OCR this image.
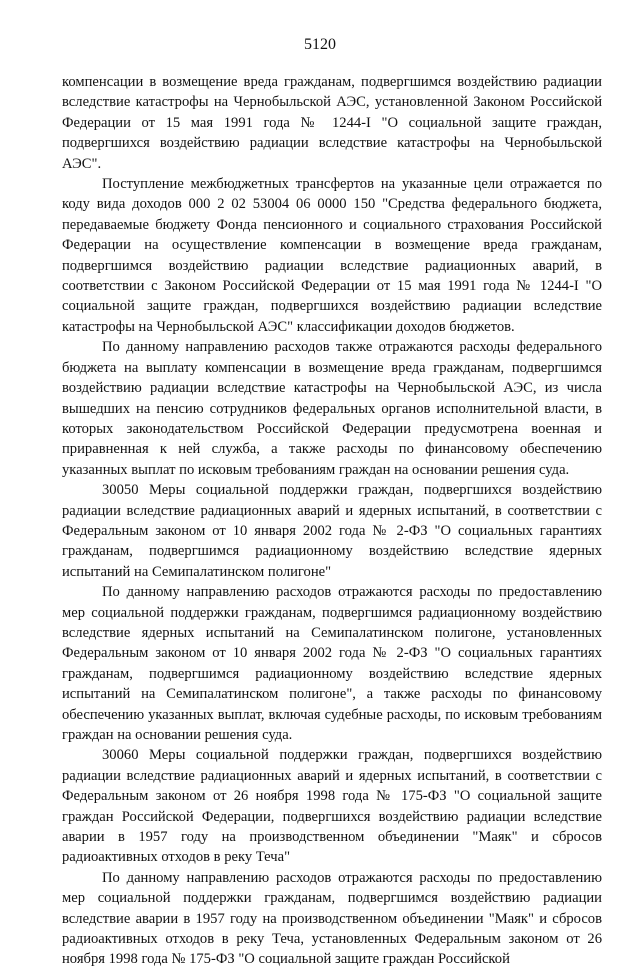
5120

компенсации в возмещение вреда гражданам, подвергшимся воздействию радиации вследствие катастрофы на Чернобыльской АЭС, установленной Законом Российской Федерации от 15 мая 1991 года № 1244-I "О социальной защите граждан, подвергшихся воздействию радиации вследствие катастрофы на Чернобыльской АЭС".

Поступление межбюджетных трансфертов на указанные цели отражается по коду вида доходов 000 2 02 53004 06 0000 150 "Средства федерального бюджета, передаваемые бюджету Фонда пенсионного и социального страхования Российской Федерации на осуществление компенсации в возмещение вреда гражданам, подвергшимся воздействию радиации вследствие радиационных аварий, в соответствии с Законом Российской Федерации от 15 мая 1991 года № 1244-I "О социальной защите граждан, подвергшихся воздействию радиации вследствие катастрофы на Чернобыльской АЭС" классификации доходов бюджетов.

По данному направлению расходов также отражаются расходы федерального бюджета на выплату компенсации в возмещение вреда гражданам, подвергшимся воздействию радиации вследствие катастрофы на Чернобыльской АЭС, из числа вышедших на пенсию сотрудников федеральных органов исполнительной власти, в которых законодательством Российской Федерации предусмотрена военная и приравненная к ней служба, а также расходы по финансовому обеспечению указанных выплат по исковым требованиям граждан на основании решения суда.

30050 Меры социальной поддержки граждан, подвергшихся воздействию радиации вследствие радиационных аварий и ядерных испытаний, в соответствии с Федеральным законом от 10 января 2002 года № 2-ФЗ "О социальных гарантиях гражданам, подвергшимся радиационному воздействию вследствие ядерных испытаний на Семипалатинском полигоне"

По данному направлению расходов отражаются расходы по предоставлению мер социальной поддержки гражданам, подвергшимся радиационному воздействию вследствие ядерных испытаний на Семипалатинском полигоне, установленных Федеральным законом от 10 января 2002 года № 2-ФЗ "О социальных гарантиях гражданам, подвергшимся радиационному воздействию вследствие ядерных испытаний на Семипалатинском полигоне", а также расходы по финансовому обеспечению указанных выплат, включая судебные расходы, по исковым требованиям граждан на основании решения суда.

30060 Меры социальной поддержки граждан, подвергшихся воздействию радиации вследствие радиационных аварий и ядерных испытаний, в соответствии с Федеральным законом от 26 ноября 1998 года № 175-ФЗ "О социальной защите граждан Российской Федерации, подвергшихся воздействию радиации вследствие аварии в 1957 году на производственном объединении "Маяк" и сбросов радиоактивных отходов в реку Теча"

По данному направлению расходов отражаются расходы по предоставлению мер социальной поддержки гражданам, подвергшимся воздействию радиации вследствие аварии в 1957 году на производственном объединении "Маяк" и сбросов радиоактивных отходов в реку Теча, установленных Федеральным законом от 26 ноября 1998 года № 175-ФЗ "О социальной защите граждан Российской
